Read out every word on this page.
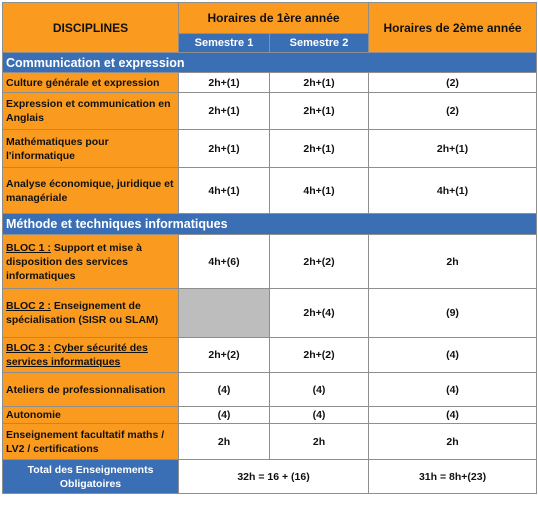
DISCIPLINES	Horaires de 1ère année		Horaires de 2ème année
	Semestre 1	Semestre 2	
Communication et expression			
Culture générale et expression	2h+(1)	2h+(1)	(2)
Expression et communication en Anglais	2h+(1)	2h+(1)	(2)
Mathématiques pour l'informatique	2h+(1)	2h+(1)	2h+(1)
Analyse économique, juridique et managériale	4h+(1)	4h+(1)	4h+(1)
Méthode et techniques informatiques			
BLOC 1 : Support et mise à disposition des services informatiques	4h+(6)	2h+(2)	2h
BLOC 2 : Enseignement de spécialisation (SISR ou SLAM)		2h+(4)	(9)
BLOC 3 : Cyber sécurité des services informatiques	2h+(2)	2h+(2)	(4)
Ateliers de professionnalisation	(4)	(4)	(4)
Autonomie	(4)	(4)	(4)
Enseignement facultatif maths / LV2 / certifications	2h	2h	2h
Total des Enseignements Obligatoires	32h = 16 + (16)		31h = 8h+(23)
